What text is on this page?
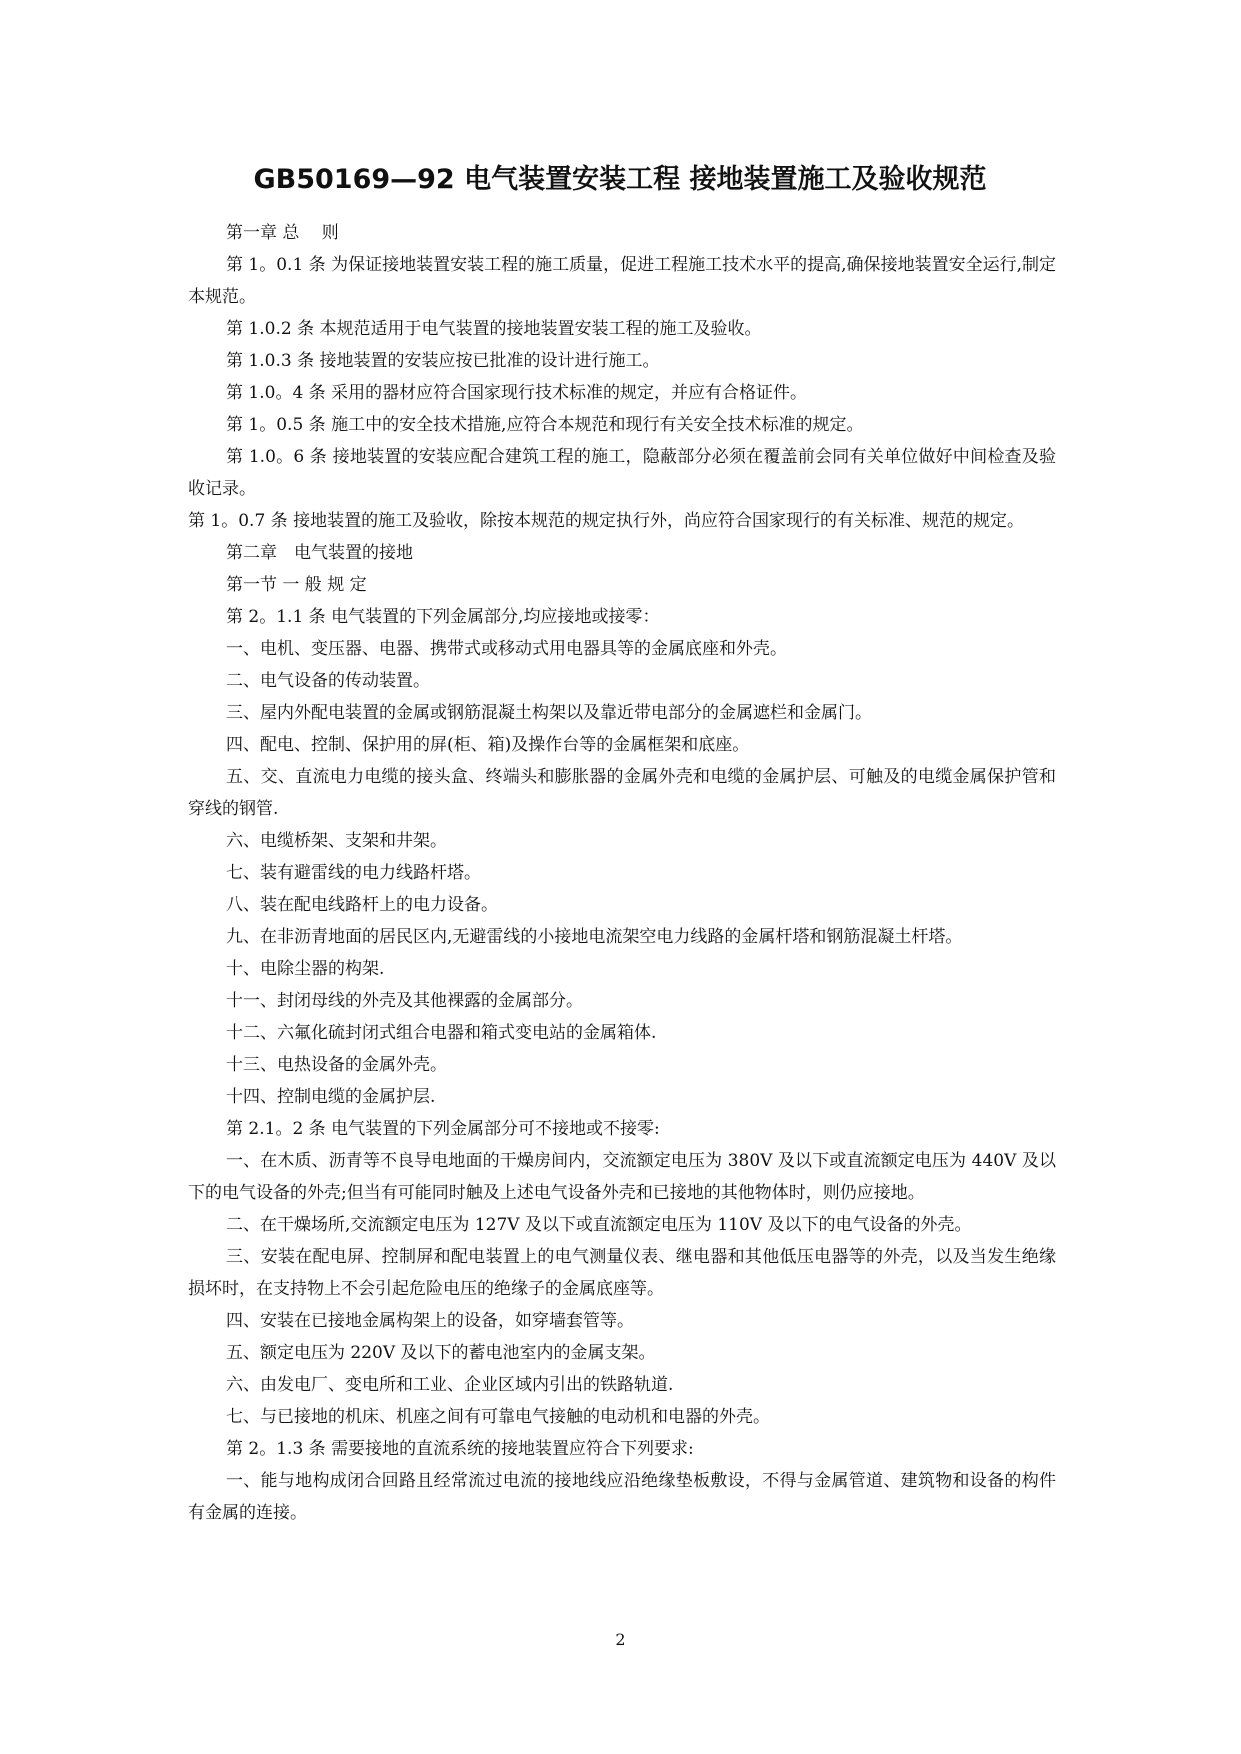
GB50169—92 电气装置安装工程 接地装置施工及验收规范

第一章 总　 则

第 1。0.1 条 为保证接地装置安装工程的施工质量，促进工程施工技术水平的提高,确保接地装置安全运行,制定本规范。

第 1.0.2 条 本规范适用于电气装置的接地装置安装工程的施工及验收。

第 1.0.3 条 接地装置的安装应按已批准的设计进行施工。

第 1.0。4 条 采用的器材应符合国家现行技术标准的规定，并应有合格证件。

第 1。0.5 条 施工中的安全技术措施,应符合本规范和现行有关安全技术标准的规定。

第 1.0。6 条 接地装置的安装应配合建筑工程的施工，隐蔽部分必须在覆盖前会同有关单位做好中间检查及验收记录。

第 1。0.7 条 接地装置的施工及验收，除按本规范的规定执行外，尚应符合国家现行的有关标准、规范的规定。

第二章　电气装置的接地

第一节 一 般 规 定

第 2。1.1 条 电气装置的下列金属部分,均应接地或接零：

一、电机、变压器、电器、携带式或移动式用电器具等的金属底座和外壳。

二、电气设备的传动装置。

三、屋内外配电装置的金属或钢筋混凝土构架以及靠近带电部分的金属遮栏和金属门。

四、配电、控制、保护用的屏(柜、箱)及操作台等的金属框架和底座。

五、交、直流电力电缆的接头盒、终端头和膨胀器的金属外壳和电缆的金属护层、可触及的电缆金属保护管和穿线的钢管.

六、电缆桥架、支架和井架。

七、装有避雷线的电力线路杆塔。

八、装在配电线路杆上的电力设备。

九、在非沥青地面的居民区内,无避雷线的小接地电流架空电力线路的金属杆塔和钢筋混凝土杆塔。

十、电除尘器的构架.

十一、封闭母线的外壳及其他裸露的金属部分。

十二、六氟化硫封闭式组合电器和箱式变电站的金属箱体.

十三、电热设备的金属外壳。

十四、控制电缆的金属护层.

第 2.1。2 条 电气装置的下列金属部分可不接地或不接零:

一、在木质、沥青等不良导电地面的干燥房间内，交流额定电压为 380V 及以下或直流额定电压为 440V 及以下的电气设备的外壳;但当有可能同时触及上述电气设备外壳和已接地的其他物体时，则仍应接地。

二、在干燥场所,交流额定电压为 127V 及以下或直流额定电压为 110V 及以下的电气设备的外壳。

三、安装在配电屏、控制屏和配电装置上的电气测量仪表、继电器和其他低压电器等的外壳，以及当发生绝缘损坏时，在支持物上不会引起危险电压的绝缘子的金属底座等。

四、安装在已接地金属构架上的设备，如穿墙套管等。

五、额定电压为 220V 及以下的蓄电池室内的金属支架。

六、由发电厂、变电所和工业、企业区域内引出的铁路轨道.

七、与已接地的机床、机座之间有可靠电气接触的电动机和电器的外壳。

第 2。1.3 条 需要接地的直流系统的接地装置应符合下列要求:

一、能与地构成闭合回路且经常流过电流的接地线应沿绝缘垫板敷设，不得与金属管道、建筑物和设备的构件有金属的连接。

2
